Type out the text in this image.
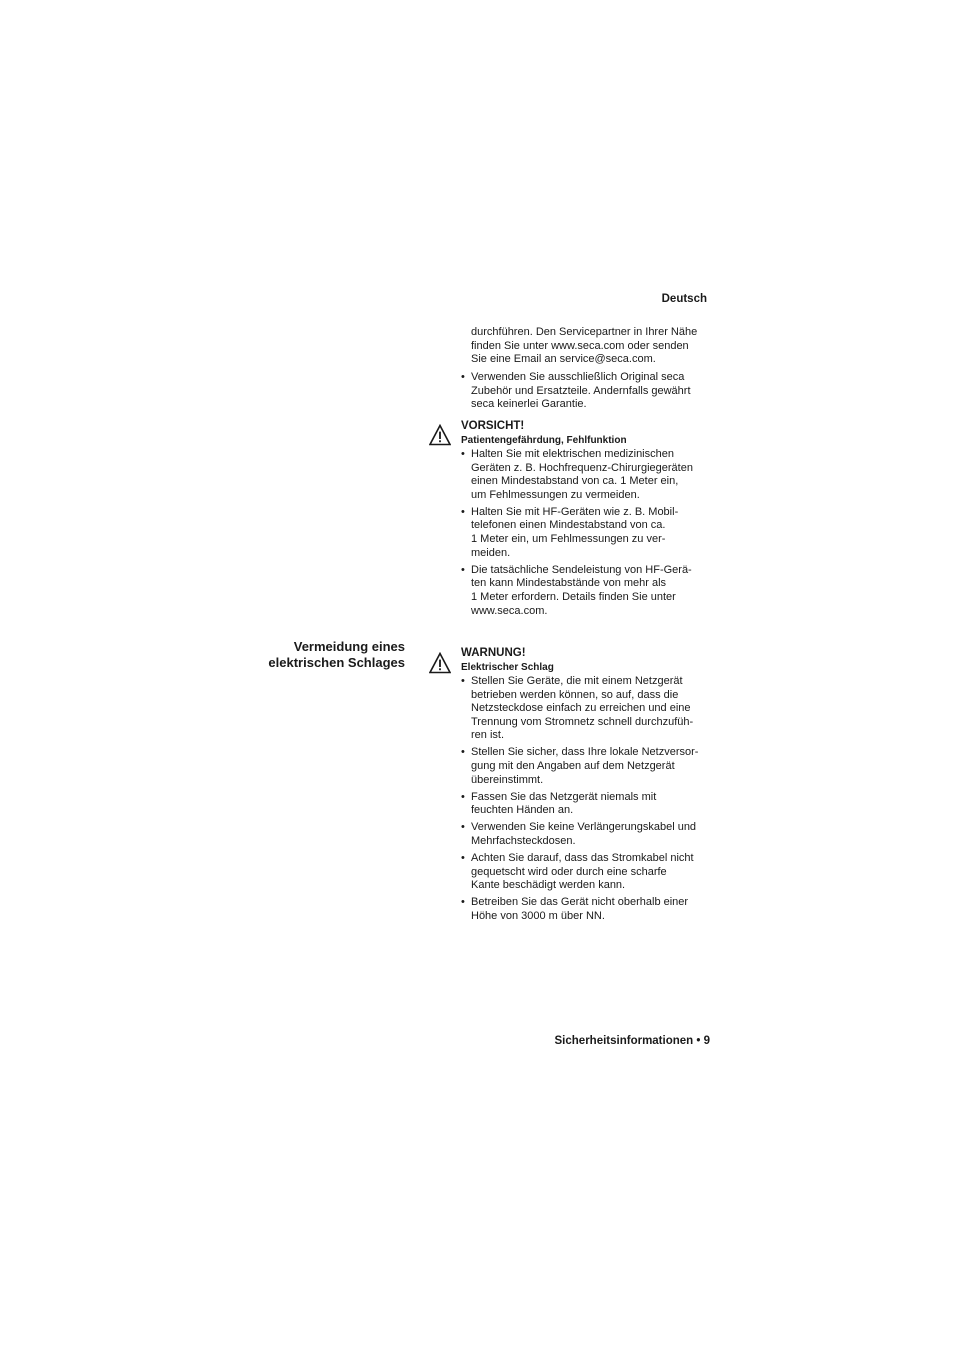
Deutsch
durchführen. Den Servicepartner in Ihrer Nähe
finden Sie unter www.seca.com oder senden
Sie eine Email an service@seca.com.
• Verwenden Sie ausschließlich Original seca
Zubehör und Ersatzteile. Andernfalls gewährt
seca keinerlei Garantie.
VORSICHT!
Patientengefährdung, Fehlfunktion
• Halten Sie mit elektrischen medizinischen
Geräten z. B. Hochfrequenz-Chirurgiegeräten
einen Mindestabstand von ca. 1 Meter ein,
um Fehlmessungen zu vermeiden.
• Halten Sie mit HF-Geräten wie z. B. Mobil-
telefonen einen Mindestabstand von ca.
1 Meter ein, um Fehlmessungen zu ver-
meiden.
• Die tatsächliche Sendeleistung von HF-Gerä-
ten kann Mindestabstände von mehr als
1 Meter erfordern. Details finden Sie unter
www.seca.com.
Vermeidung eines
elektrischen Schlages
WARNUNG!
Elektrischer Schlag
• Stellen Sie Geräte, die mit einem Netzgerät
betrieben werden können, so auf, dass die
Netzsteckdose einfach zu erreichen und eine
Trennung vom Stromnetz schnell durchzufüh-
ren ist.
• Stellen Sie sicher, dass Ihre lokale Netzversor-
gung mit den Angaben auf dem Netzgerät
übereinstimmt.
• Fassen Sie das Netzgerät niemals mit
feuchten Händen an.
• Verwenden Sie keine Verlängerungskabel und
Mehrfachsteckdosen.
• Achten Sie darauf, dass das Stromkabel nicht
gequetscht wird oder durch eine scharfe
Kante beschädigt werden kann.
• Betreiben Sie das Gerät nicht oberhalb einer
Höhe von 3000 m über NN.
Sicherheitsinformationen • 9
